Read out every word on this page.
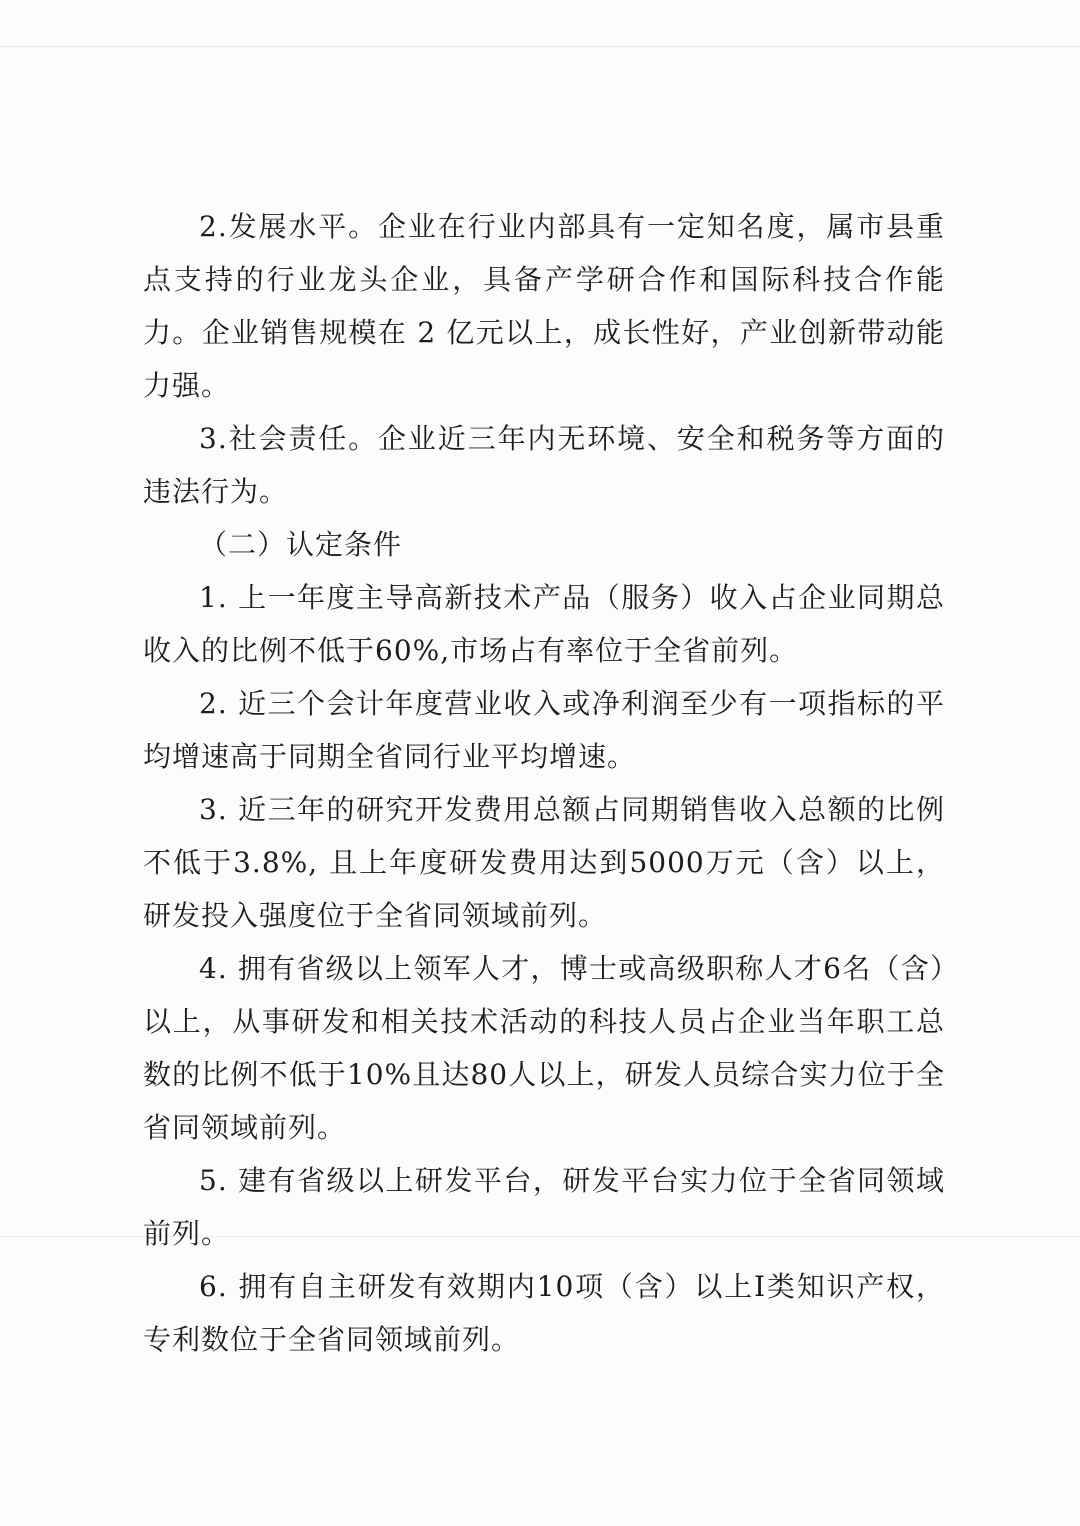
2.发展水平。企业在行业内部具有一定知名度，属市县重点支持的行业龙头企业，具备产学研合作和国际科技合作能力。企业销售规模在 2 亿元以上，成长性好，产业创新带动能力强。

3.社会责任。企业近三年内无环境、安全和税务等方面的违法行为。

（二）认定条件

1. 上一年度主导高新技术产品（服务）收入占企业同期总收入的比例不低于60%,市场占有率位于全省前列。

2. 近三个会计年度营业收入或净利润至少有一项指标的平均增速高于同期全省同行业平均增速。

3. 近三年的研究开发费用总额占同期销售收入总额的比例不低于3.8%, 且上年度研发费用达到5000万元（含）以上，研发投入强度位于全省同领域前列。

4. 拥有省级以上领军人才，博士或高级职称人才6名（含）以上，从事研发和相关技术活动的科技人员占企业当年职工总数的比例不低于10%且达80人以上，研发人员综合实力位于全省同领域前列。

5. 建有省级以上研发平台，研发平台实力位于全省同领域前列。

6. 拥有自主研发有效期内10项（含）以上I类知识产权，专利数位于全省同领域前列。
